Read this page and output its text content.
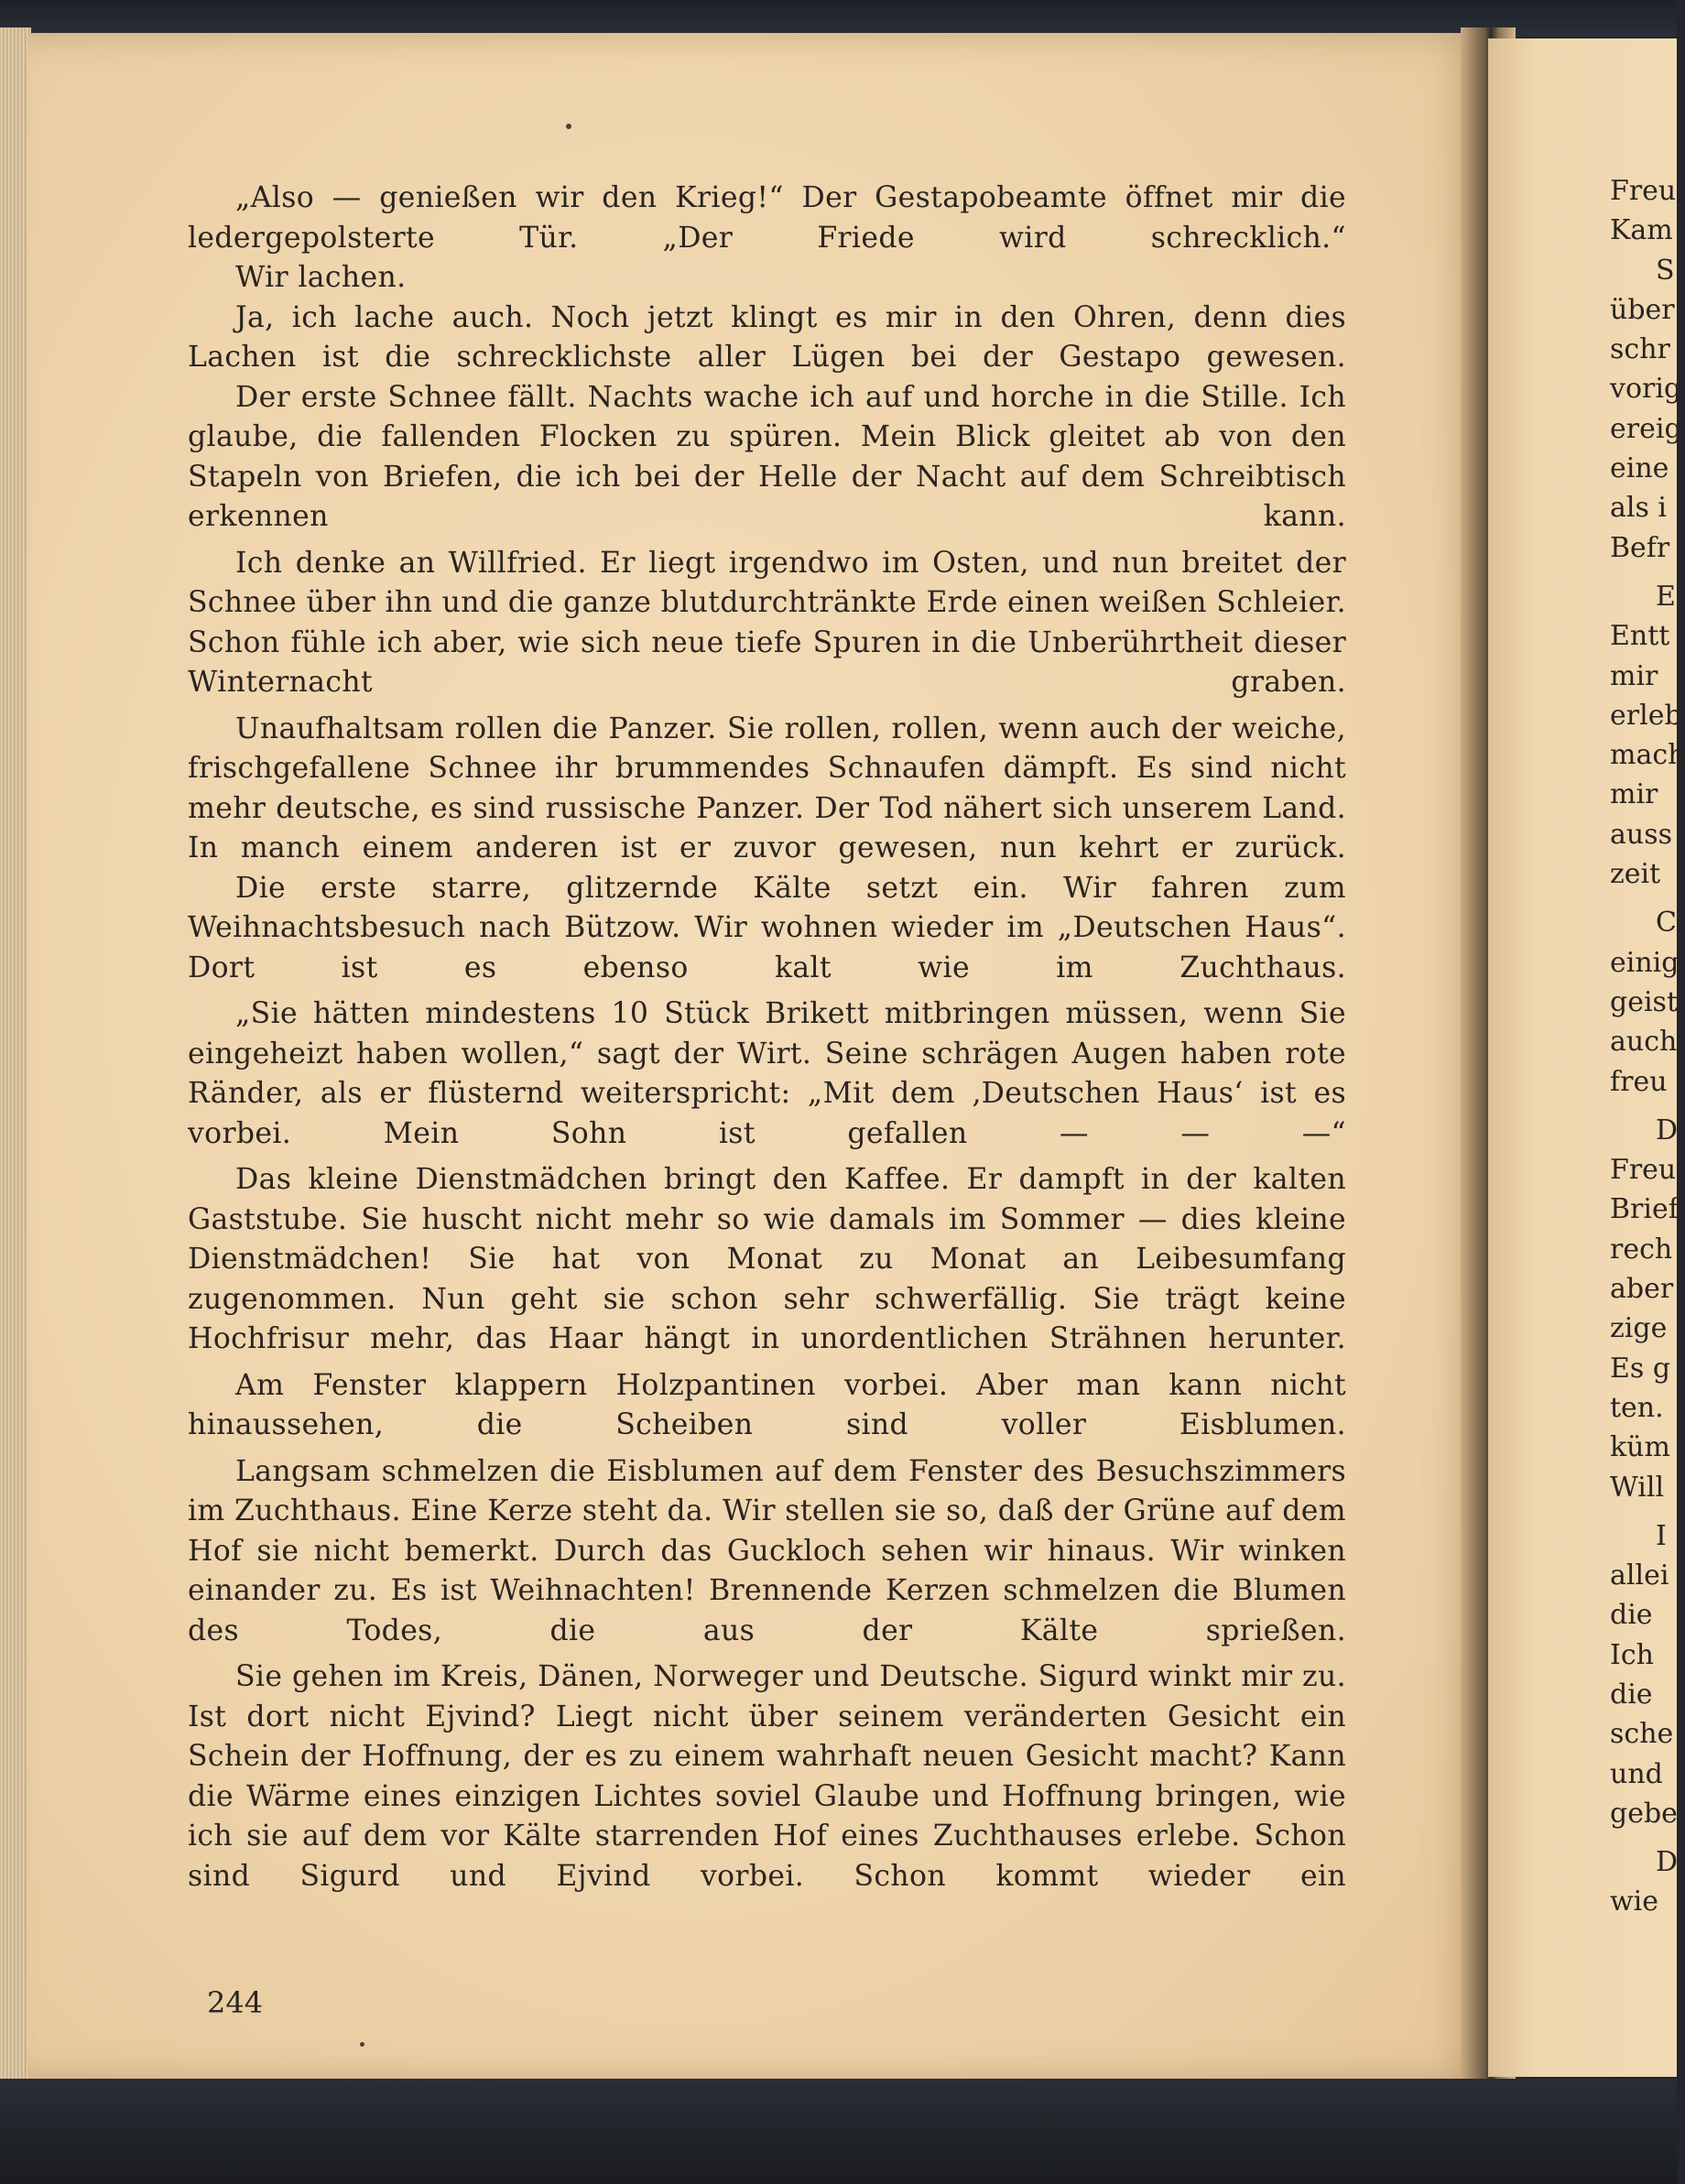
„Also — genießen wir den Krieg!“ Der Gestapobeamte öffnet mir die ledergepolsterte Tür. „Der Friede wird schrecklich.“

Wir lachen.

Ja, ich lache auch. Noch jetzt klingt es mir in den Ohren, denn dies Lachen ist die schrecklichste aller Lügen bei der Gestapo gewesen.

Der erste Schnee fällt. Nachts wache ich auf und horche in die Stille. Ich glaube, die fallenden Flocken zu spüren. Mein Blick gleitet ab von den Stapeln von Briefen, die ich bei der Helle der Nacht auf dem Schreibtisch erkennen kann.

Ich denke an Willfried. Er liegt irgendwo im Osten, und nun breitet der Schnee über ihn und die ganze blutdurchtränkte Erde einen weißen Schleier. Schon fühle ich aber, wie sich neue tiefe Spuren in die Unberührtheit dieser Winternacht graben.

Unaufhaltsam rollen die Panzer. Sie rollen, rollen, wenn auch der weiche, frischgefallene Schnee ihr brummendes Schnaufen dämpft. Es sind nicht mehr deutsche, es sind russische Panzer. Der Tod nähert sich unserem Land. In manch einem anderen ist er zuvor gewesen, nun kehrt er zurück.

Die erste starre, glitzernde Kälte setzt ein. Wir fahren zum Weihnachtsbesuch nach Bützow. Wir wohnen wieder im „Deutschen Haus“. Dort ist es ebenso kalt wie im Zuchthaus.

„Sie hätten mindestens 10 Stück Brikett mitbringen müssen, wenn Sie eingeheizt haben wollen,“ sagt der Wirt. Seine schrägen Augen haben rote Ränder, als er flüsternd weiterspricht: „Mit dem ‚Deutschen Haus‘ ist es vorbei. Mein Sohn ist gefallen — — —“

Das kleine Dienstmädchen bringt den Kaffee. Er dampft in der kalten Gaststube. Sie huscht nicht mehr so wie damals im Sommer — dies kleine Dienstmädchen! Sie hat von Monat zu Monat an Leibesumfang zugenommen. Nun geht sie schon sehr schwerfällig. Sie trägt keine Hochfrisur mehr, das Haar hängt in unordentlichen Strähnen herunter.

Am Fenster klappern Holzpantinen vorbei. Aber man kann nicht hinaussehen, die Scheiben sind voller Eisblumen.

Langsam schmelzen die Eisblumen auf dem Fenster des Besuchszimmers im Zuchthaus. Eine Kerze steht da. Wir stellen sie so, daß der Grüne auf dem Hof sie nicht bemerkt. Durch das Guckloch sehen wir hinaus. Wir winken einander zu. Es ist Weihnachten! Brennende Kerzen schmelzen die Blumen des Todes, die aus der Kälte sprießen.

Sie gehen im Kreis, Dänen, Norweger und Deutsche. Sigurd winkt mir zu. Ist dort nicht Ejvind? Liegt nicht über seinem veränderten Gesicht ein Schein der Hoffnung, der es zu einem wahrhaft neuen Gesicht macht? Kann die Wärme eines einzigen Lichtes soviel Glaube und Hoffnung bringen, wie ich sie auf dem vor Kälte starrenden Hof eines Zuchthauses erlebe. Schon sind Sigurd und Ejvind vorbei. Schon kommt wieder ein

244
Freu
Kam
S
über
schr
vorig
ereig
eine
als i
Befr
E
Entt
mir
erleb
mach
mir
auss
zeit
C
einig
geist
auch
freu
D
Freu
Brief
rech
aber
zige
Es g
ten.
küm
Will
I
allei
die
Ich
die
sche
und
gebe
D
wie
